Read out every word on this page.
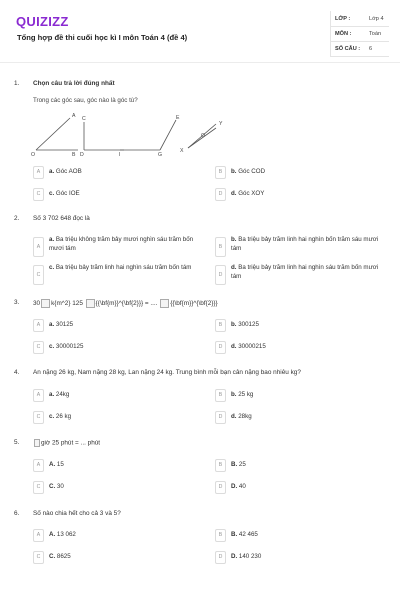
QUIZIZZ
Tổng hợp đề thi cuối học kì I môn Toán 4 (đề 4)
LỚP :	Lớp 4
MÔN :	Toán
SỐ CÂU : 6
1. Chọn câu trả lời đúng nhất
Trong các góc sau, góc nào là góc tù?
A C
O	B D	I
E
Y
G
X
O
A	a. Góc AOB	B	b. Góc COD
C	c. Góc IOE	D	d. Góc XOY
2. Số 3 702 648 đọc là
A
a. Ba triệu không trăm bảy mươi nghìn sáu trăm bốn mươi tám	B
b. Ba triệu bảy trăm linh hai nghìn bốn trăm sáu mươi tám
C
c. Ba triệu bảy trăm linh hai nghìn sáu trăm bốn tám
D
d. Ba triệu bảy trăm linh hai nghìn sáu trăm bốn mươi tám
3. 30 k{m^2} 125 {{\bf{m}}^{\bf{2}}} = .... {{\bf{m}}^{\bf{2}}}
A	a. 30125	B	b. 300125
C	c. 30000125	D	d. 30000215
4. An nặng 26 kg, Nam nặng 28 kg, Lan nặng 24 kg. Trung bình mỗi bạn cân nặng bao nhiêu kg?
A	a. 24kg	B	b. 25 kg
C	c. 26 kg	D	d. 28kg
5.	giờ 25 phút = ... phút
A	A. 15	B	B. 25
C	C. 30	D	D. 40
6. Số nào chia hết cho cả 3 và 5?
A	A. 13 062	B	B. 42 465
C	C. 8625	D	D. 140 230
